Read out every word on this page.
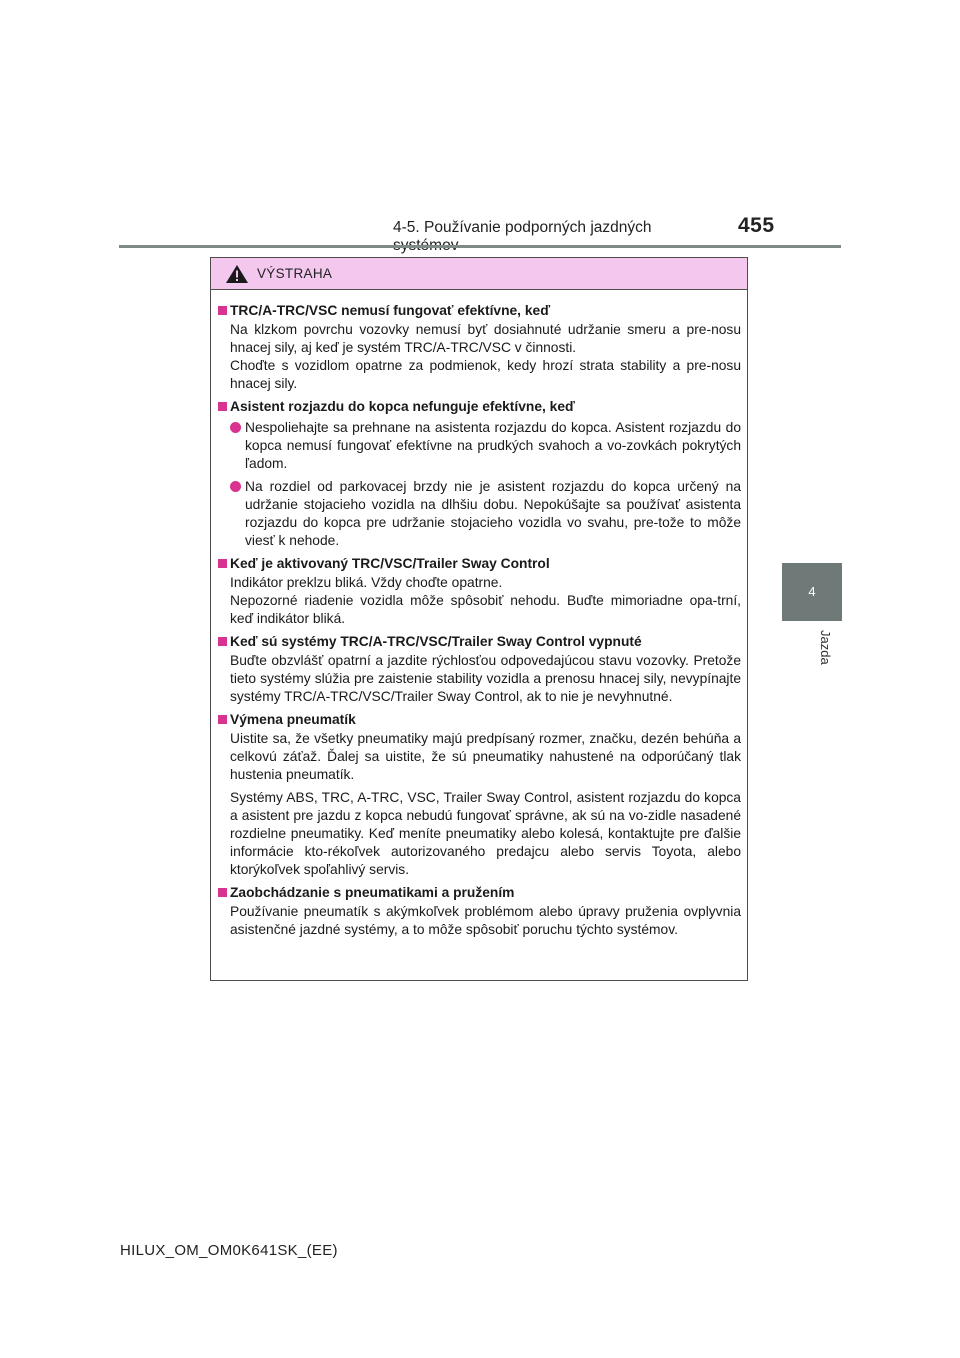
4-5. Používanie podporných jazdných	455
4
Jazda
VÝSTRAHA
TRC/A-TRC/VSC nemusí fungovať efektívne, keď
Na klzkom povrchu vozovky nemusí byť dosiahnuté udržanie smeru a pre-nosu hnacej sily, aj keď je systém TRC/A-TRC/VSC v činnosti.
Choďte s vozidlom opatrne za podmienok, kedy hrozí strata stability a pre-nosu hnacej sily.
Asistent rozjazdu do kopca nefunguje efektívne, keď
Nespoliehajte sa prehnane na asistenta rozjazdu do kopca. Asistent rozjazdu do kopca nemusí fungovať efektívne na prudkých svahoch a vo-zovkách pokrytých ľadom.
Na rozdiel od parkovacej brzdy nie je asistent rozjazdu do kopca určený na udržanie stojacieho vozidla na dlhšiu dobu. Nepokúšajte sa používať asistenta rozjazdu do kopca pre udržanie stojacieho vozidla vo svahu, pre-tože to môže viesť k nehode.
Keď je aktivovaný TRC/VSC/Trailer Sway Control
Indikátor preklzu bliká. Vždy choďte opatrne.
Nepozorné riadenie vozidla môže spôsobiť nehodu. Buďte mimoriadne opa-trní, keď indikátor bliká.
Keď sú systémy TRC/A-TRC/VSC/Trailer Sway Control vypnuté
Buďte obzvlášť opatrní a jazdite rýchlosťou odpovedajúcou stavu vozovky. Pretože tieto systémy slúžia pre zaistenie stability vozidla a prenosu hnacej sily, nevypínajte systémy TRC/A-TRC/VSC/Trailer Sway Control, ak to nie je nevyhnutné.
Výmena pneumatík
Uistite sa, že všetky pneumatiky majú predpísaný rozmer, značku, dezén behúňa a celkovú záťaž. Ďalej sa uistite, že sú pneumatiky nahustené na odporúčaný tlak hustenia pneumatík.
Systémy ABS, TRC, A-TRC, VSC, Trailer Sway Control, asistent rozjazdu do kopca a asistent pre jazdu z kopca nebudú fungovať správne, ak sú na vo-zidle nasadené rozdielne pneumatiky. Keď meníte pneumatiky alebo kolesá, kontaktujte pre ďalšie informácie kto-rékoľvek autorizovaného predajcu alebo servis Toyota, alebo ktorýkoľvek spoľahlivý servis.
Zaobchádzanie s pneumatikami a pružením
Používanie pneumatík s akýmkoľvek problémom alebo úpravy pruženia ovplyvnia asistenčné jazdné systémy, a to môže spôsobiť poruchu týchto systémov.
HILUX_OM_OM0K641SK_(EE)
